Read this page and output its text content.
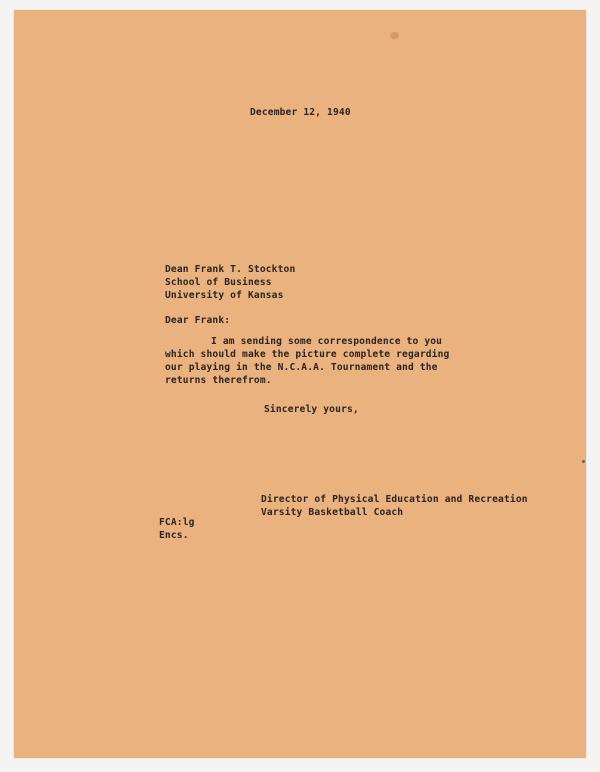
December 12, 1940
Dean Frank T. Stockton
School of Business
University of Kansas
Dear Frank:
I am sending some correspondence to you
which should make the picture complete regarding
our playing in the N.C.A.A. Tournament and the
returns therefrom.
Sincerely yours,
Director of Physical Education and Recreation
Varsity Basketball Coach
FCA:lg
Encs.
